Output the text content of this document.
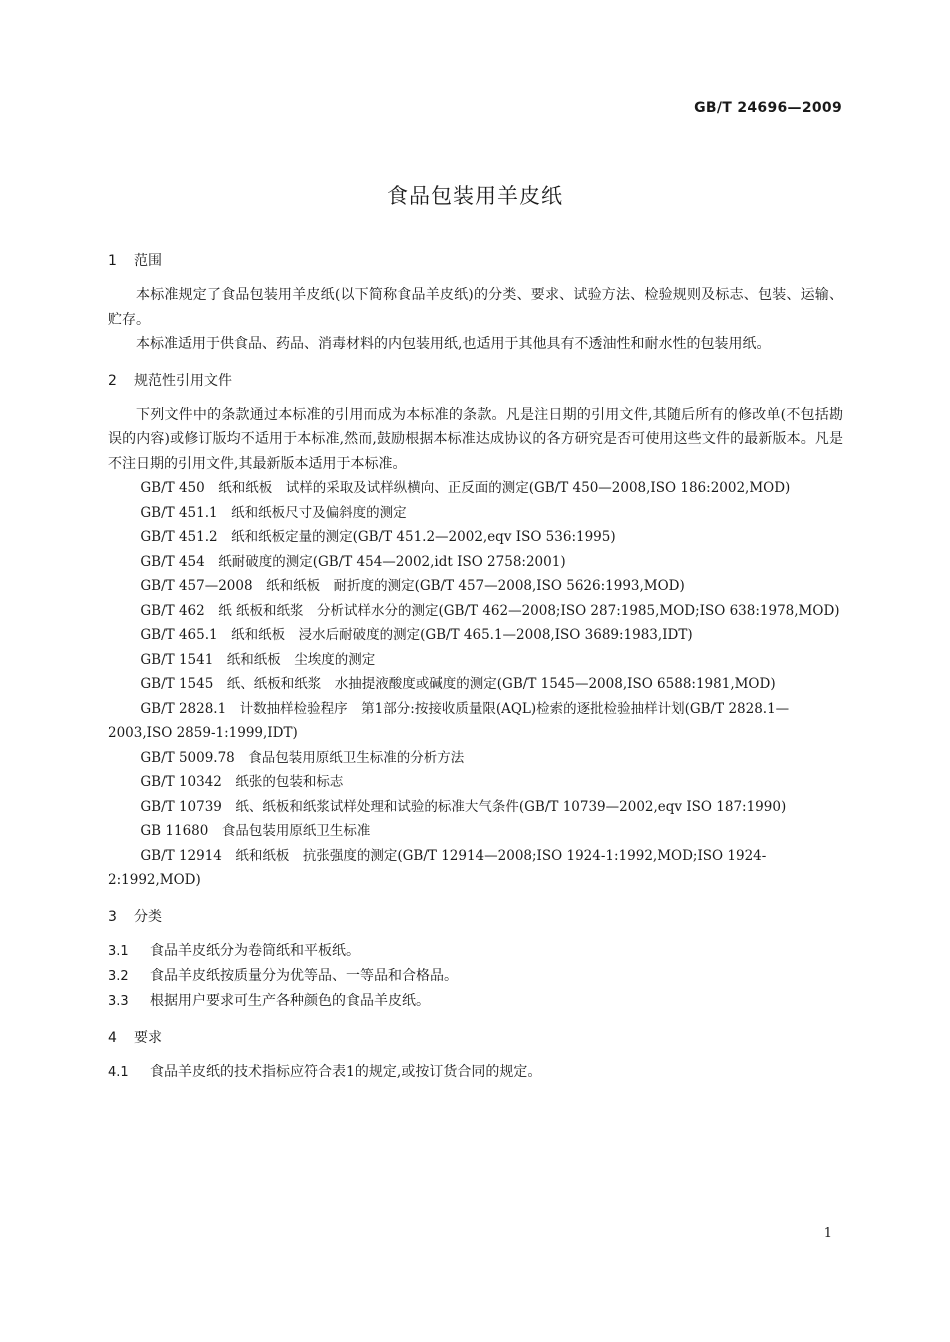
GB/T 24696—2009
食品包装用羊皮纸
1 范围

本标准规定了食品包装用羊皮纸(以下简称食品羊皮纸)的分类、要求、试验方法、检验规则及标志、包装、运输、贮存。

本标准适用于供食品、药品、消毒材料的内包装用纸,也适用于其他具有不透油性和耐水性的包装用纸。

2 规范性引用文件

下列文件中的条款通过本标准的引用而成为本标准的条款。凡是注日期的引用文件,其随后所有的修改单(不包括勘误的内容)或修订版均不适用于本标准,然而,鼓励根据本标准达成协议的各方研究是否可使用这些文件的最新版本。凡是不注日期的引用文件,其最新版本适用于本标准。

GB/T 450　纸和纸板　试样的采取及试样纵横向、正反面的测定(GB/T 450—2008,ISO 186:2002,MOD)

GB/T 451.1　纸和纸板尺寸及偏斜度的测定

GB/T 451.2　纸和纸板定量的测定(GB/T 451.2—2002,eqv ISO 536:1995)

GB/T 454　纸耐破度的测定(GB/T 454—2002,idt ISO 2758:2001)

GB/T 457—2008　纸和纸板　耐折度的测定(GB/T 457—2008,ISO 5626:1993,MOD)

GB/T 462　纸 纸板和纸浆　分析试样水分的测定(GB/T 462—2008;ISO 287:1985,MOD;ISO 638:1978,MOD)

GB/T 465.1　纸和纸板　浸水后耐破度的测定(GB/T 465.1—2008,ISO 3689:1983,IDT)

GB/T 1541　纸和纸板　尘埃度的测定

GB/T 1545　纸、纸板和纸浆　水抽提液酸度或碱度的测定(GB/T 1545—2008,ISO 6588:1981,MOD)

GB/T 2828.1　计数抽样检验程序　第1部分:按接收质量限(AQL)检索的逐批检验抽样计划(GB/T 2828.1—2003,ISO 2859-1:1999,IDT)

GB/T 5009.78　食品包装用原纸卫生标准的分析方法

GB/T 10342　纸张的包装和标志

GB/T 10739　纸、纸板和纸浆试样处理和试验的标准大气条件(GB/T 10739—2002,eqv ISO 187:1990)

GB 11680　食品包装用原纸卫生标准

GB/T 12914　纸和纸板　抗张强度的测定(GB/T 12914—2008;ISO 1924-1:1992,MOD;ISO 1924-2:1992,MOD)

3 分类

3.1 食品羊皮纸分为卷筒纸和平板纸。

3.2 食品羊皮纸按质量分为优等品、一等品和合格品。

3.3 根据用户要求可生产各种颜色的食品羊皮纸。

4 要求

4.1 食品羊皮纸的技术指标应符合表1的规定,或按订货合同的规定。

1
